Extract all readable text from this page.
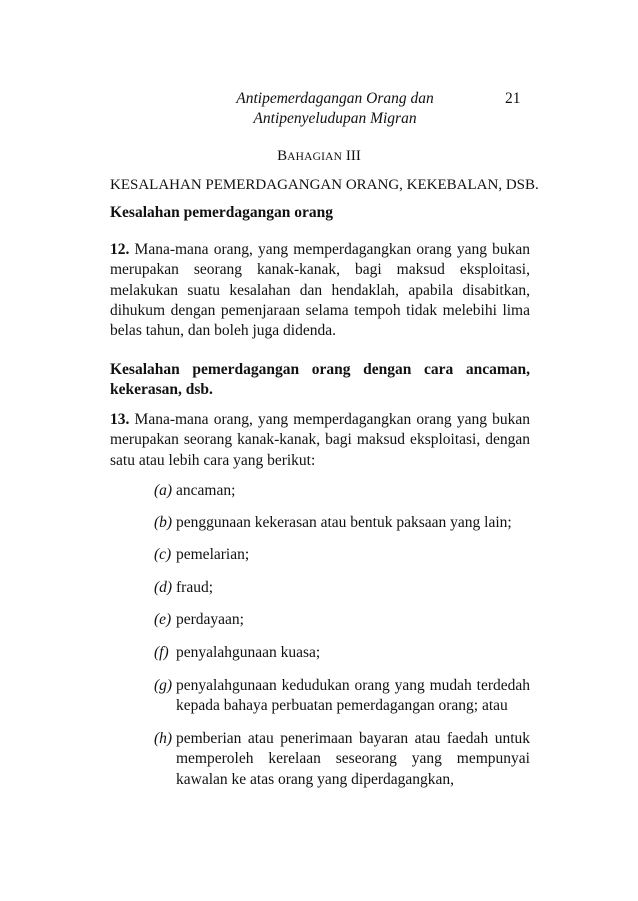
Antipemerdagangan Orang dan
Antipenyeludupan Migran
21
BAHAGIAN III
KESALAHAN PEMERDAGANGAN ORANG, KEKEBALAN, DSB.
Kesalahan pemerdagangan orang
12. Mana-mana orang, yang memperdagangkan orang yang bukan merupakan seorang kanak-kanak, bagi maksud eksploitasi, melakukan suatu kesalahan dan hendaklah, apabila disabitkan, dihukum dengan pemenjaraan selama tempoh tidak melebihi lima belas tahun, dan boleh juga didenda.
Kesalahan pemerdagangan orang dengan cara ancaman,
kekerasan, dsb.
13. Mana-mana orang, yang memperdagangkan orang yang bukan merupakan seorang kanak-kanak, bagi maksud eksploitasi, dengan satu atau lebih cara yang berikut:
(a) ancaman;
(b) penggunaan kekerasan atau bentuk paksaan yang lain;
(c) pemelarian;
(d) fraud;
(e) perdayaan;
(f) penyalahgunaan kuasa;
(g) penyalahgunaan kedudukan orang yang mudah terdedah kepada bahaya perbuatan pemerdagangan orang; atau
(h) pemberian atau penerimaan bayaran atau faedah untuk memperoleh kerelaan seseorang yang mempunyai kawalan ke atas orang yang diperdagangkan,
